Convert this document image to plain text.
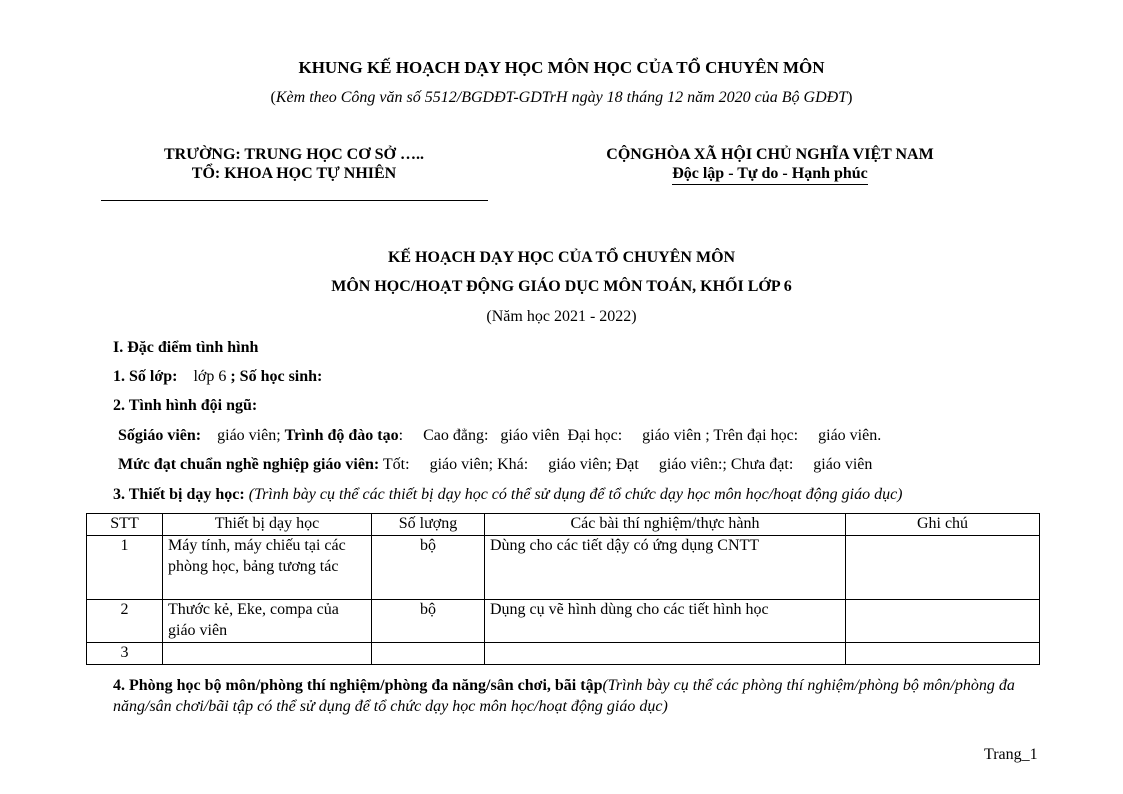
KHUNG KẾ HOẠCH DẠY HỌC MÔN HỌC CỦA TỔ CHUYÊN MÔN

(Kèm theo Công văn số 5512/BGDĐT-GDTrH ngày 18 tháng 12 năm 2020 của Bộ GDĐT)

TRƯỜNG: TRUNG HỌC CƠ SỞ …..
TỔ: KHOA HỌC TỰ NHIÊN
CỘNGHÒA XÃ HỘI CHỦ NGHĨA VIỆT NAM
Độc lập - Tự do - Hạnh phúc

KẾ HOẠCH DẠY HỌC CỦA TỔ CHUYÊN MÔN

MÔN HỌC/HOẠT ĐỘNG GIÁO DỤC MÔN TOÁN, KHỐI LỚP 6

(Năm học 2021 - 2022)

I. Đặc điểm tình hình

1. Số lớp:    lớp 6 ; Số học sinh:

2. Tình hình đội ngũ:

Sốgiáo viên:    giáo viên; Trình độ đào tạo:     Cao đẳng:   giáo viên  Đại học:     giáo viên ; Trên đại học:     giáo viên.

Mức đạt chuẩn nghề nghiệp giáo viên: Tốt:     giáo viên; Khá:     giáo viên; Đạt     giáo viên:; Chưa đạt:     giáo viên

3. Thiết bị dạy học: (Trình bày cụ thể các thiết bị dạy học có thể sử dụng để tổ chức dạy học môn học/hoạt động giáo dục)

STT	Thiết bị dạy học	Số lượng	Các bài thí nghiệm/thực hành	Ghi chú
1	Máy tính, máy chiếu tại các phòng học, bảng tương tác	bộ	Dùng cho các tiết dậy có ứng dụng CNTT	
2	Thước kẻ, Eke, compa của giáo viên	bộ	Dụng cụ vẽ hình dùng cho các tiết hình học	
3				

4. Phòng học bộ môn/phòng thí nghiệm/phòng đa năng/sân chơi, bãi tập(Trình bày cụ thể các phòng thí nghiệm/phòng bộ môn/phòng đa năng/sân chơi/bãi tập có thể sử dụng để tổ chức dạy học môn học/hoạt động giáo dục)

Trang_1
